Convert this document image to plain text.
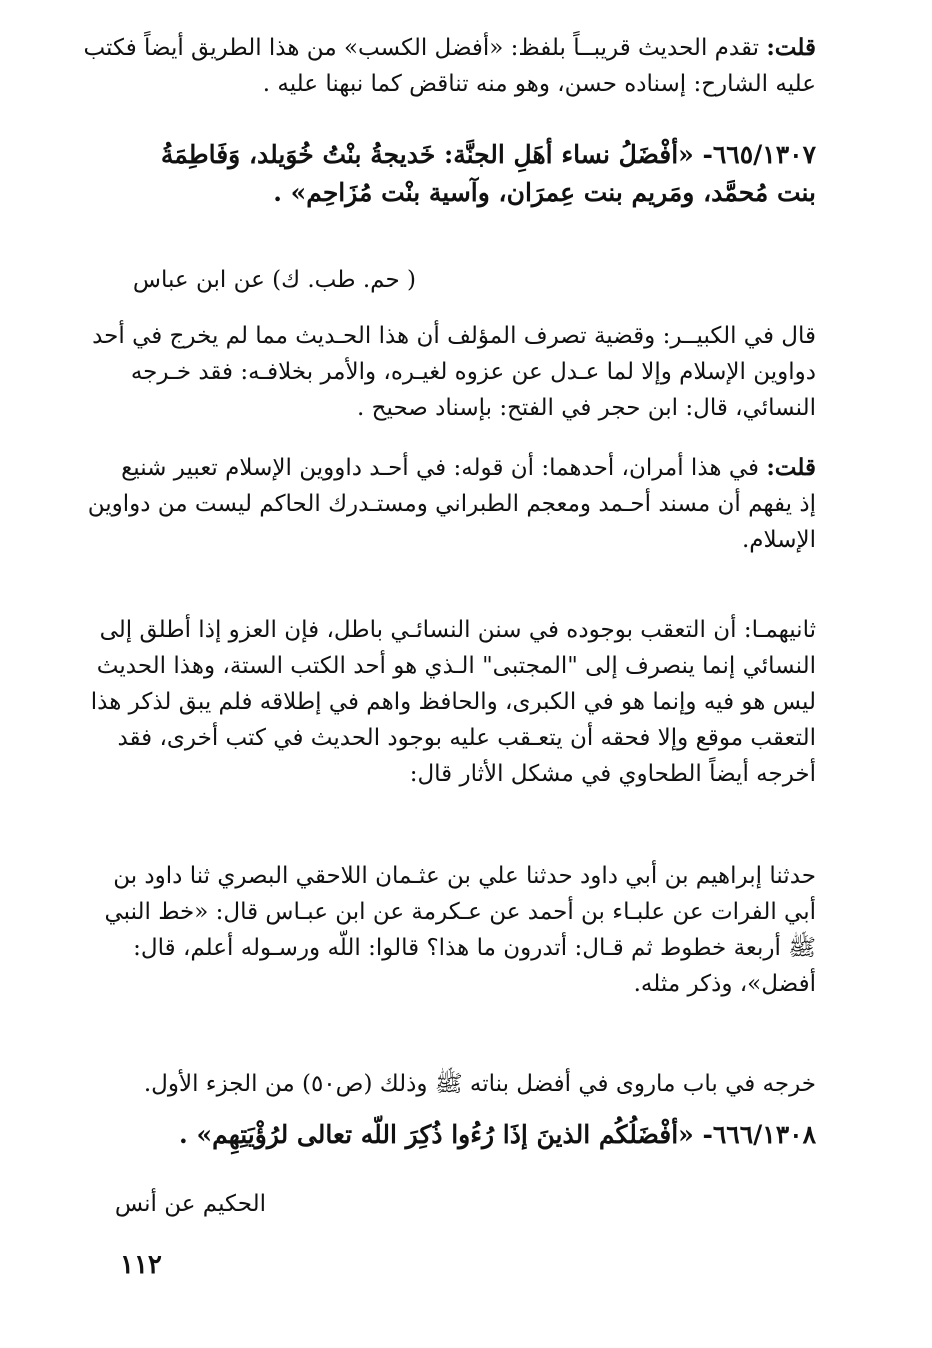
قلت: تقدم الحديث قريبــاً بلفظ: «أفضل الكسب» من هذا الطريق أيضاً فكتب
عليه الشارح: إسناده حسن، وهو منه تناقض كما نبهنا عليه .
٦٦٥/١٣٠٧- «أفْضَلُ نساء أهَلِ الجنَّة: خَديجةُ بنْتُ خُوَيلد، وَفَاطِمَةُ
بنت مُحمَّد، ومَريم بنت عِمرَان، وآسية بنْت مُزَاحِم» .
( حم. طب. ك) عن ابن عباس
قال في الكبيــر: وقضية تصرف المؤلف أن هذا الحـديث مما لم يخرج في أحد
دواوين الإسلام وإلا لما عـدل عن عزوه لغيـره، والأمر بخلافـه: فقد خـرجه
النسائي، قال: ابن حجر في الفتح: بإسناد صحيح .
قلت: في هذا أمران، أحدهما: أن قوله: في أحـد داووين الإسلام تعبير شنيع
إذ يفهم أن مسند أحـمد ومعجم الطبراني ومستـدرك الحاكم ليست من دواوين
الإسلام.
ثانيهمـا: أن التعقب بوجوده في سنن النسائـي باطل، فإن العزو إذا أطلق إلى
النسائي إنما ينصرف إلى "المجتبى" الـذي هو أحد الكتب الستة، وهذا الحديث
ليس هو فيه وإنما هو في الكبرى، والحافظ واهم في إطلاقه فلم يبق لذكر هذا
التعقب موقع وإلا فحقه أن يتعـقب عليه بوجود الحديث في كتب أخرى، فقد
أخرجه أيضاً الطحاوي في مشكل الأثار قال:
حدثنا إبراهيم بن أبي داود حدثنا علي بن عثـمان اللاحقي البصري ثنا داود بن
أبي الفرات عن علبـاء بن أحمد عن عـكرمة عن ابن عبـاس قال: «خط النبي
ﷺ أربعة خطوط ثم قـال: أتدرون ما هذا؟ قالوا: اللّه ورسـوله أعلم، قال:
أفضل»، وذكر مثله.
خرجه في باب ماروى في أفضل بناته ﷺ وذلك (ص٥٠) من الجزء الأول.
٦٦٦/١٣٠٨- «أفْضَلُكُم الذينَ إذَا رُءُوا ذُكِرَ اللّه تعالى لرُؤْيَتِهِم» .
الحكيم عن أنس
١١٢
